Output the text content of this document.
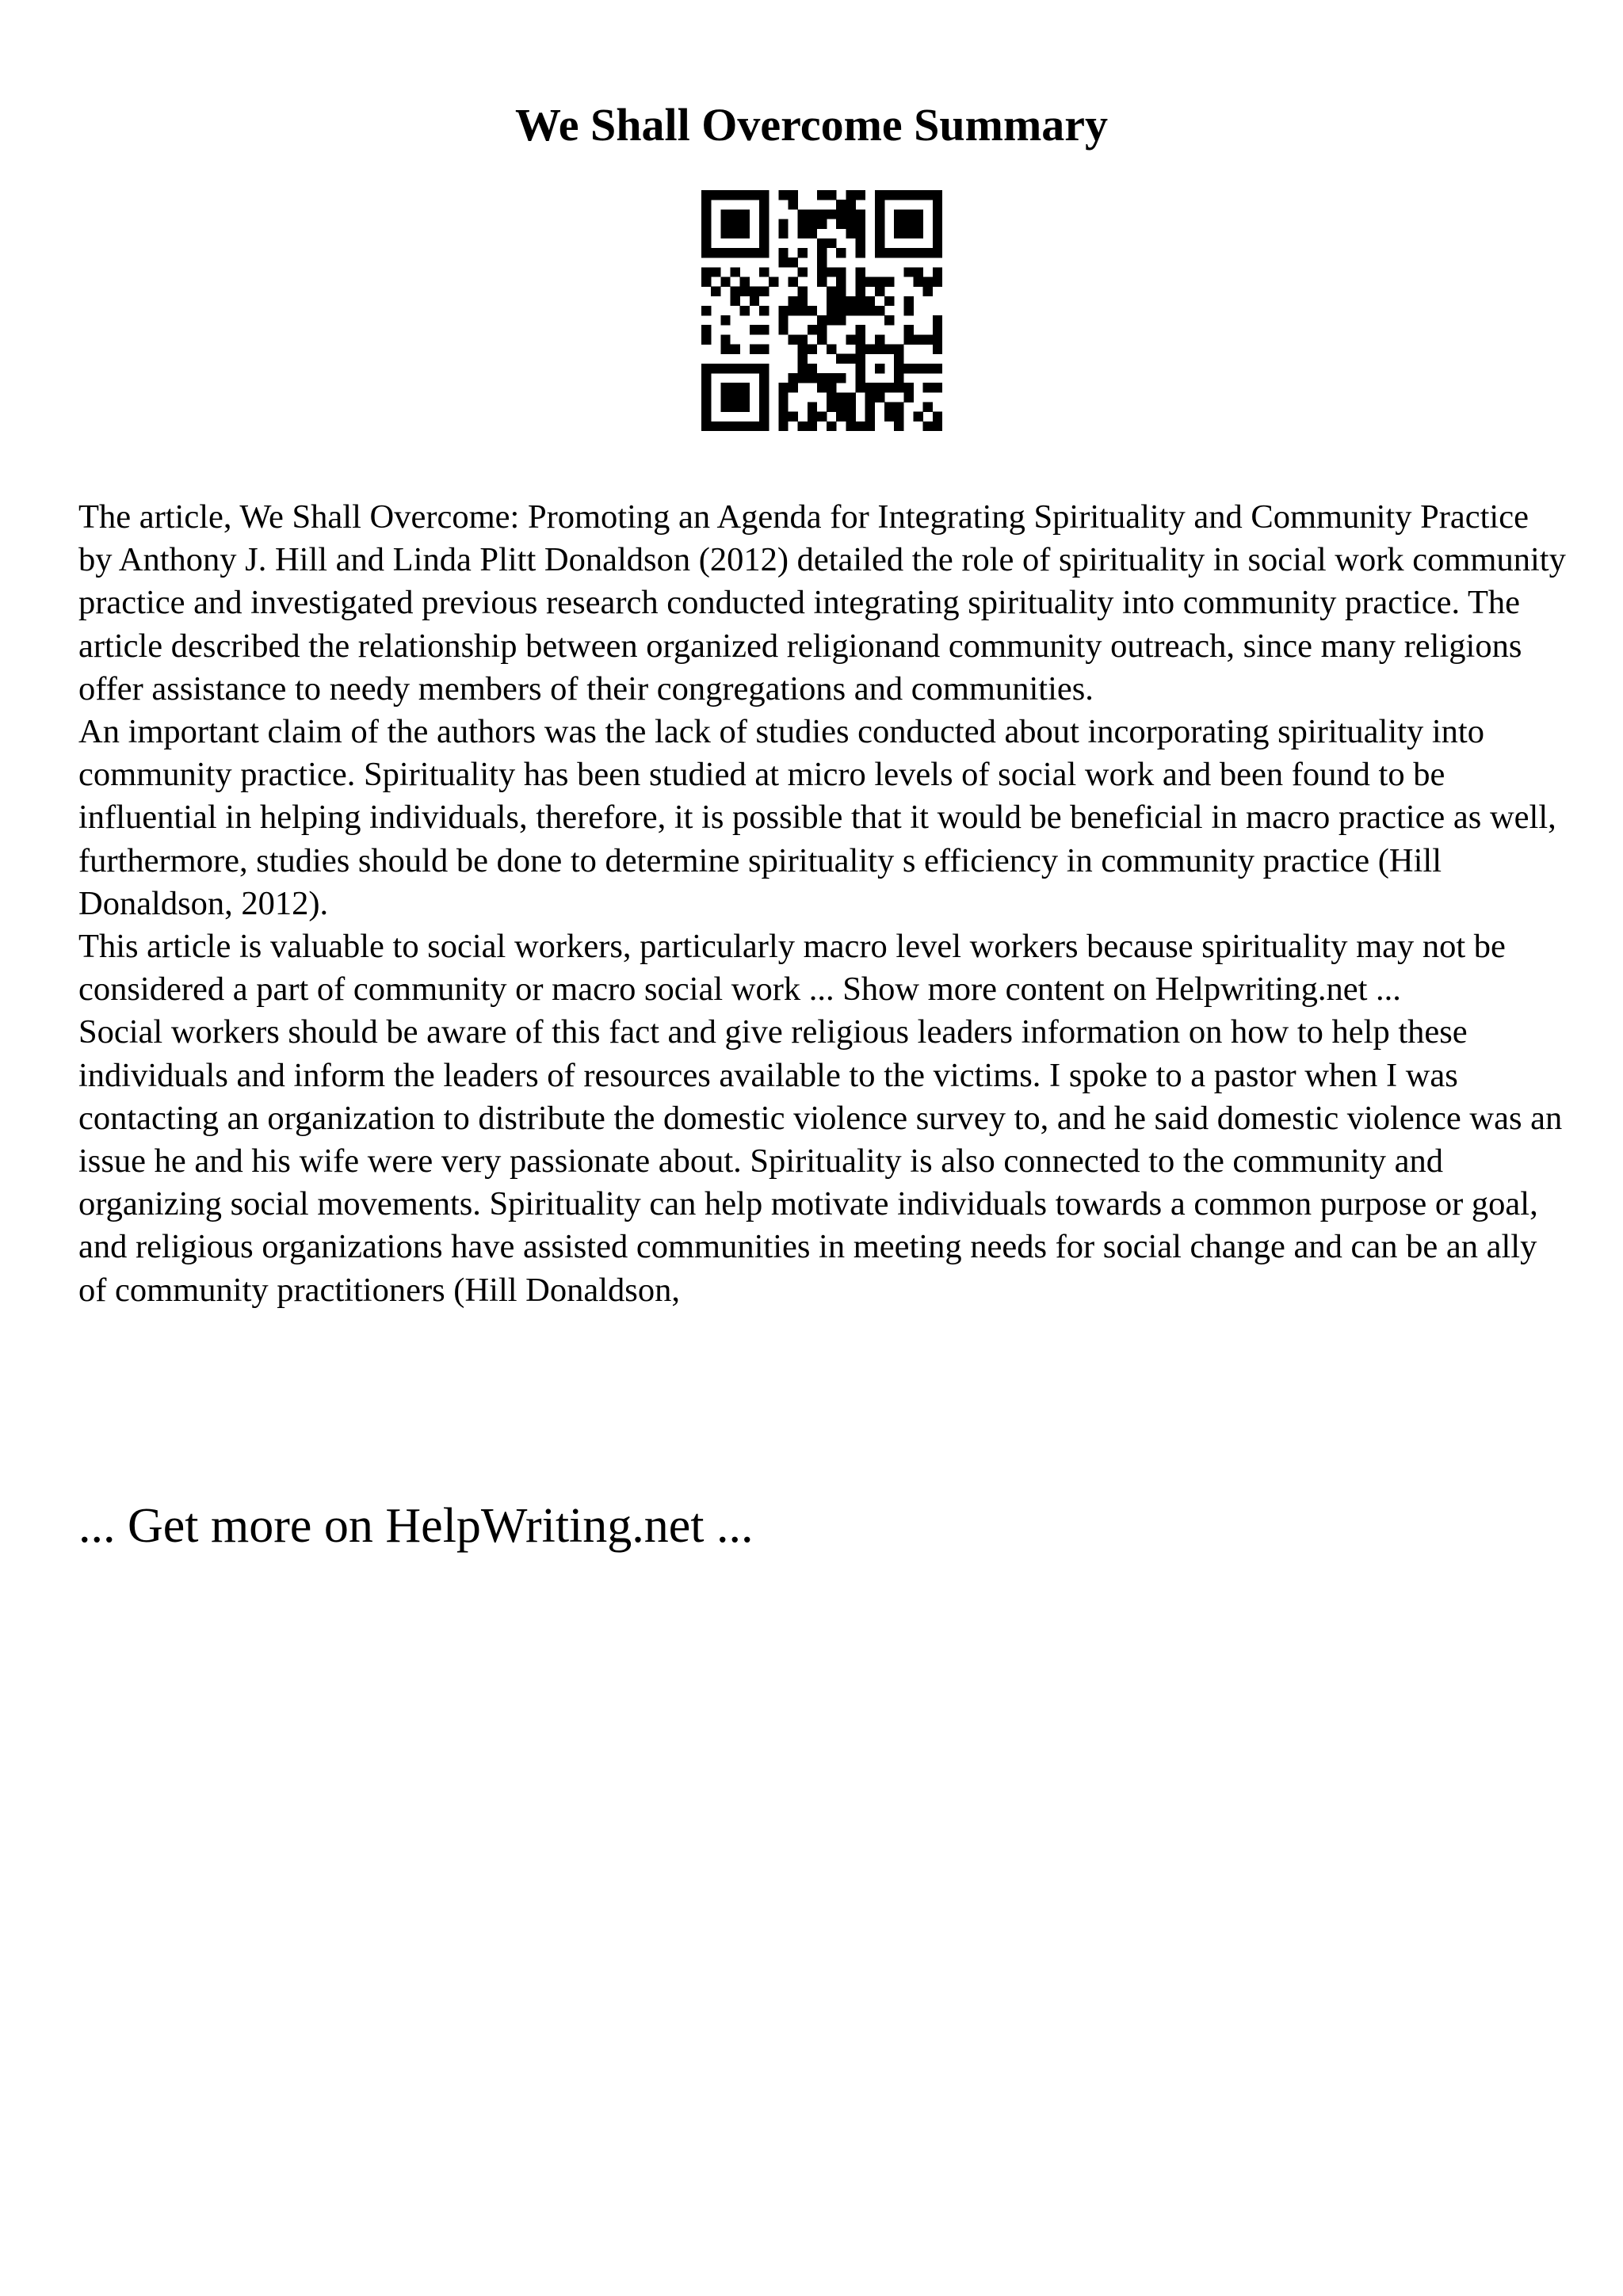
We Shall Overcome Summary

The article, We Shall Overcome: Promoting an Agenda for Integrating Spirituality and Community Practice by Anthony J. Hill and Linda Plitt Donaldson (2012) detailed the role of spirituality in social work community practice and investigated previous research conducted integrating spirituality into community practice. The article described the relationship between organized religionand community outreach, since many religions offer assistance to needy members of their congregations and communities.

An important claim of the authors was the lack of studies conducted about incorporating spirituality into community practice. Spirituality has been studied at micro levels of social work and been found to be influential in helping individuals, therefore, it is possible that it would be beneficial in macro practice as well, furthermore, studies should be done to determine spirituality s efficiency in community practice (Hill Donaldson, 2012).

This article is valuable to social workers, particularly macro level workers because spirituality may not be considered a part of community or macro social work ... Show more content on Helpwriting.net ...

Social workers should be aware of this fact and give religious leaders information on how to help these individuals and inform the leaders of resources available to the victims. I spoke to a pastor when I was contacting an organization to distribute the domestic violence survey to, and he said domestic violence was an issue he and his wife were very passionate about. Spirituality is also connected to the community and organizing social movements. Spirituality can help motivate individuals towards a common purpose or goal, and religious organizations have assisted communities in meeting needs for social change and can be an ally of community practitioners (Hill Donaldson,

... Get more on HelpWriting.net ...
